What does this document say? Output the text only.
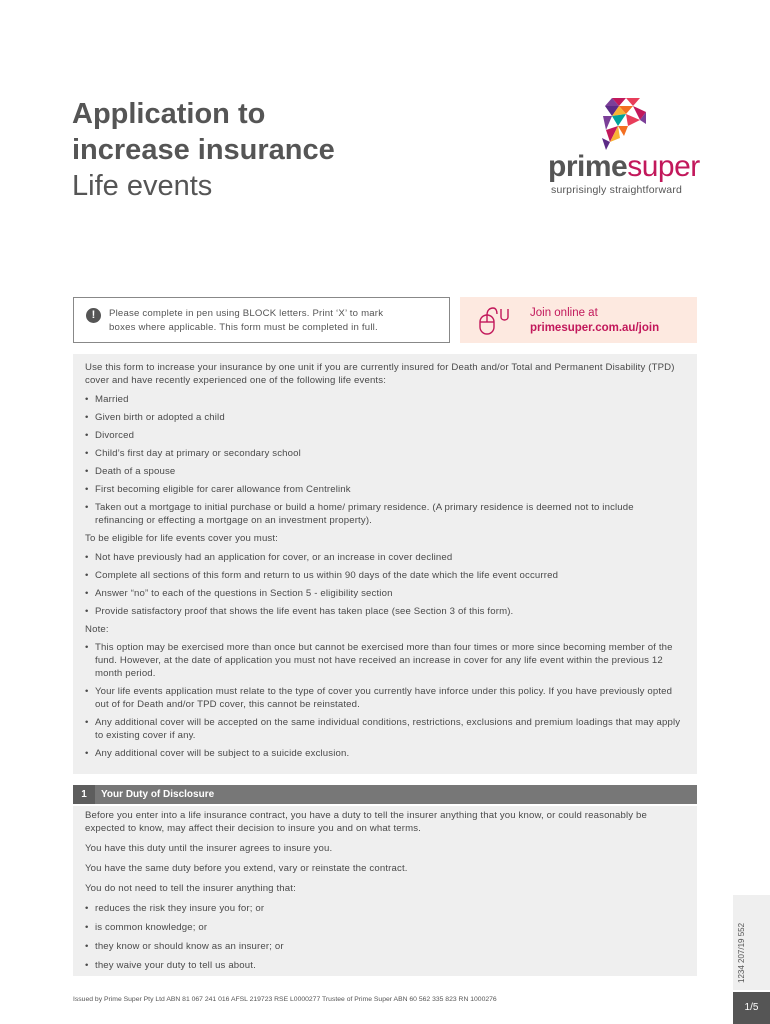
Application to
increase insurance
Life events
primesuper
surprisingly straightforward
!	Please complete in pen using BLOCK letters. Print ‘X’ to mark
boxes where applicable. This form must be completed in full.
Join online at
primesuper.com.au/join

Use this form to increase your insurance by one unit if you are currently insured for Death and/or Total and Permanent Disability (TPD) cover and have recently experienced one of the following life events:

• Married
• Given birth or adopted a child
• Divorced
• Child’s first day at primary or secondary school
• Death of a spouse
• First becoming eligible for carer allowance from Centrelink
• Taken out a mortgage to initial purchase or build a home/ primary residence. (A primary residence is deemed not to include refinancing or effecting a mortgage on an investment property).

To be eligible for life events cover you must:

• Not have previously had an application for cover, or an increase in cover declined
• Complete all sections of this form and return to us within 90 days of the date which the life event occurred
• Answer “no” to each of the questions in Section 5 - eligibility section
• Provide satisfactory proof that shows the life event has taken place (see Section 3 of this form).
Note:
• This option may be exercised more than once but cannot be exercised more than four times or more since becoming member of the fund. However, at the date of application you must not have received an increase in cover for any life event within the previous 12 month period.
• Your life events application must relate to the type of cover you currently have inforce under this policy. If you have previously opted out of for Death and/or TPD cover, this cannot be reinstated.
• Any additional cover will be accepted on the same individual conditions, restrictions, exclusions and premium loadings that may apply to existing cover if any.
• Any additional cover will be subject to a suicide exclusion.
1	Your Duty of Disclosure

Before you enter into a life insurance contract, you have a duty to tell the insurer anything that you know, or could reasonably be expected to know, may affect their decision to insure you and on what terms.

You have this duty until the insurer agrees to insure you.

You have the same duty before you extend, vary or reinstate the contract.

You do not need to tell the insurer anything that:

• reduces the risk they insure you for; or
• is common knowledge; or
• they know or should know as an insurer; or
• they waive your duty to tell us about.	1234 207/19 552
1/5
Issued by Prime Super Pty Ltd ABN 81 067 241 016 AFSL 219723 RSE L0000277 Trustee of Prime Super ABN 60 562 335 823 RN 1000276
